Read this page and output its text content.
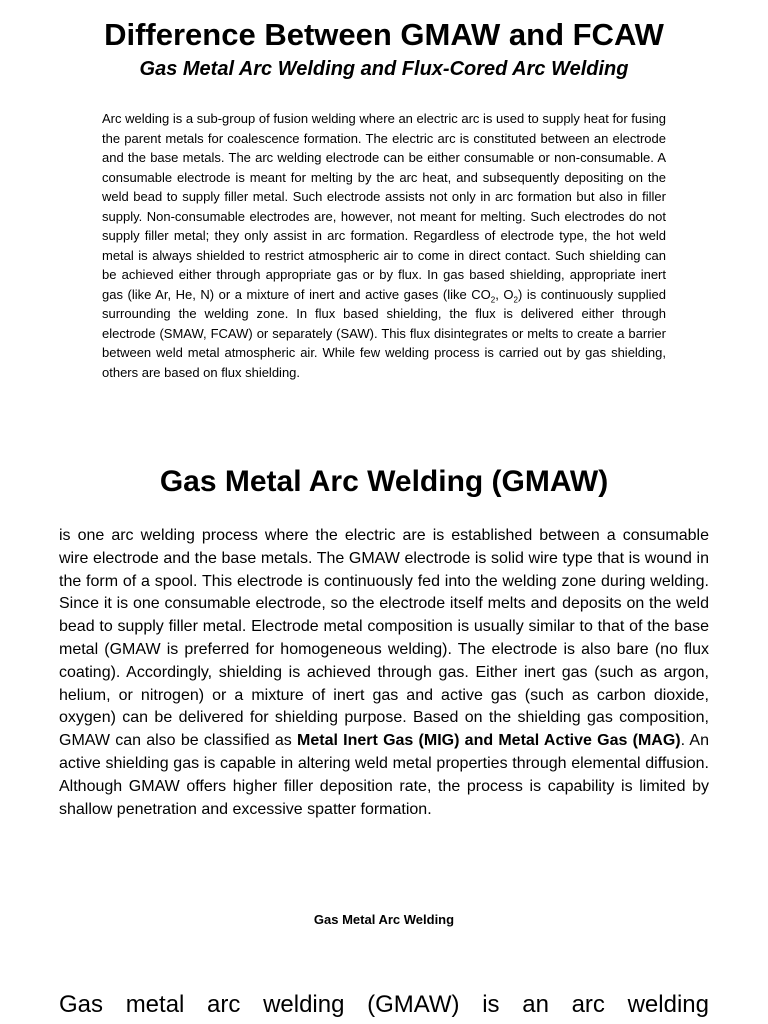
Difference Between GMAW and FCAW
Gas Metal Arc Welding and Flux-Cored Arc Welding

Arc welding is a sub-group of fusion welding where an electric arc is used to supply heat for fusing the parent metals for coalescence formation. The electric arc is constituted between an electrode and the base metals. The arc welding electrode can be either consumable or non-consumable. A consumable electrode is meant for melting by the arc heat, and subsequently depositing on the weld bead to supply filler metal. Such electrode assists not only in arc formation but also in filler supply. Non-consumable electrodes are, however, not meant for melting. Such electrodes do not supply filler metal; they only assist in arc formation. Regardless of electrode type, the hot weld metal is always shielded to restrict atmospheric air to come in direct contact. Such shielding can be achieved either through appropriate gas or by flux. In gas based shielding, appropriate inert gas (like Ar, He, N) or a mixture of inert and active gases (like $CO_2$, $O_2$) is continuously supplied surrounding the welding zone. In flux based shielding, the flux is delivered either through electrode (SMAW, FCAW) or separately (SAW). This flux disintegrates or melts to create a barrier between weld metal atmospheric air. While few welding process is carried out by gas shielding, others are based on flux shielding.

Gas Metal Arc Welding (GMAW)

is one arc welding process where the electric are is established between a consumable wire electrode and the base metals. The GMAW electrode is solid wire type that is wound in the form of a spool. This electrode is continuously fed into the welding zone during welding. Since it is one consumable electrode, so the electrode itself melts and deposits on the weld bead to supply filler metal. Electrode metal composition is usually similar to that of the base metal (GMAW is preferred for homogeneous welding). The electrode is also bare (no flux coating). Accordingly, shielding is achieved through gas. Either inert gas (such as argon, helium, or nitrogen) or a mixture of inert gas and active gas (such as carbon dioxide, oxygen) can be delivered for shielding purpose. Based on the shielding gas composition, GMAW can also be classified as Metal Inert Gas (MIG) and Metal Active Gas (MAG). An active shielding gas is capable in altering weld metal properties through elemental diffusion. Although GMAW offers higher filler deposition rate, the process is capability is limited by shallow penetration and excessive spatter formation.

Gas Metal Arc Welding

Gas metal arc welding (GMAW) is an arc welding
